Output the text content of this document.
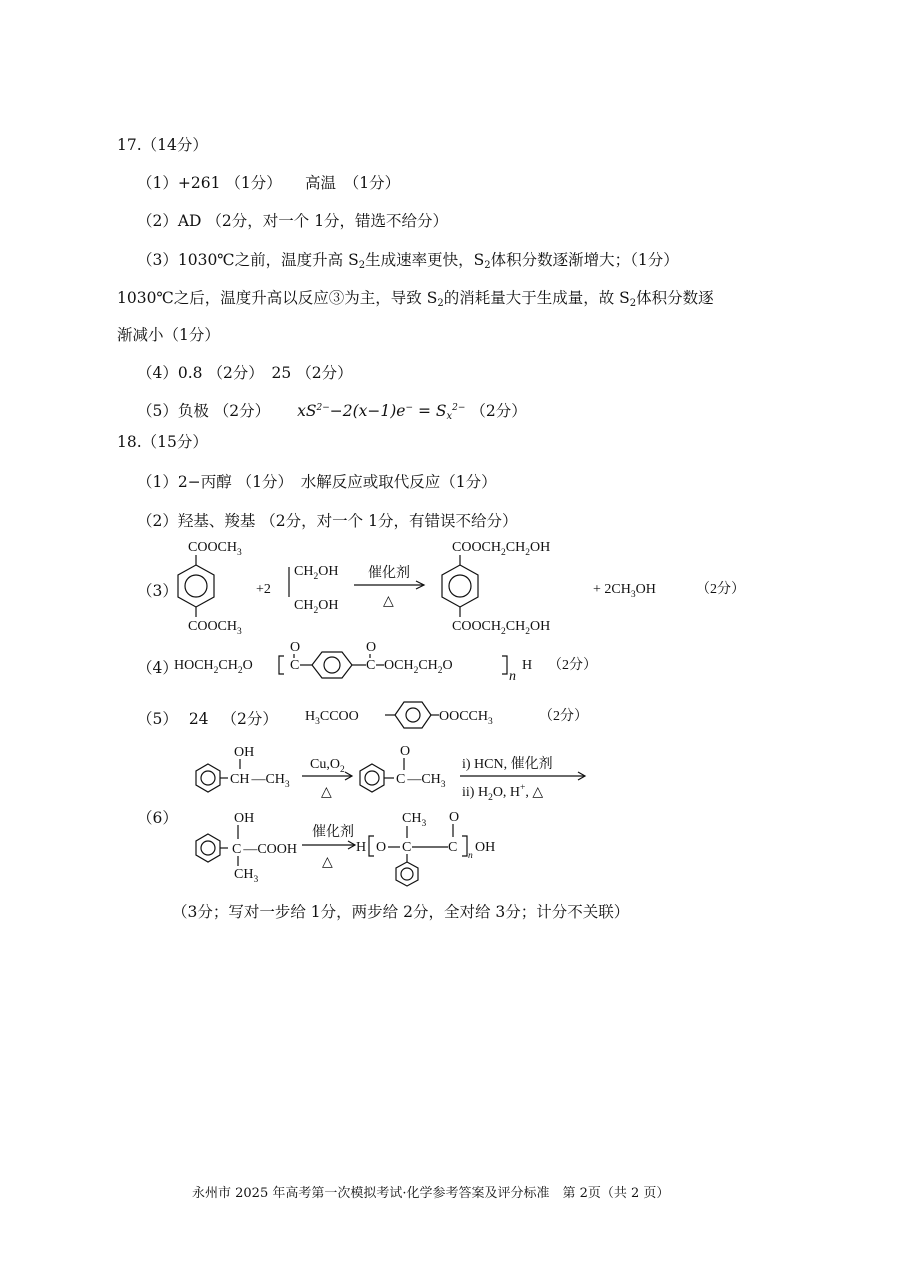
17.（14分）
（1）+261 （1分）　　高温　（1分）
（2）AD （2分，对一个 1分，错选不给分）
（3）1030℃之前，温度升高 $S_2$生成速率更快，$S_2$体积分数逐渐增大；（1分）
1030℃之后，温度升高以反应③为主，导致 $S_2$的消耗量大于生成量，故 $S_2$体积分数逐
渐减小（1分）
（4）0.8 （2分）　25 （2分）
（5）负极 （2分） $xS^{2-}-2(x-1)e^- = S_x^{2-}$ （2分）
18.（15分）
（1）2−丙醇 （1分）　水解反应或取代反应（1分）
（2）羟基、羧基 （2分，对一个 1分，有错误不给分）
（3）
$COOCH_3$
$COOCH_3$
+2
$CH_2OH$
$CH_2OH$
催化剂
△
$COOCH_2CH_2OH$
$COOCH_2CH_2OH$
+ $2CH_3OH$	（2分）
（4）
$HOCH_2CH_2O$
O
C
O
C $OCH_2CH_2O$
n
H （2分）
（5） 24 （2分） $H_3CCOO$	$OOCCH_3$	（2分）
（6）
OH
CH $—CH_3$
$Cu,O_2$
△
O
C $—CH_3$
i) HCN, 催化剂
ii) $H_2O$, H+, △
OH
C —COOH
$CH_3$
催化剂
△
H O
$CH_3$
C
O
C
n
OH
（3分；写对一步给 1分，两步给 2分，全对给 3分；计分不关联）
永州市 2025 年高考第一次模拟考试·化学参考答案及评分标准　第 2页（共 2 页）
